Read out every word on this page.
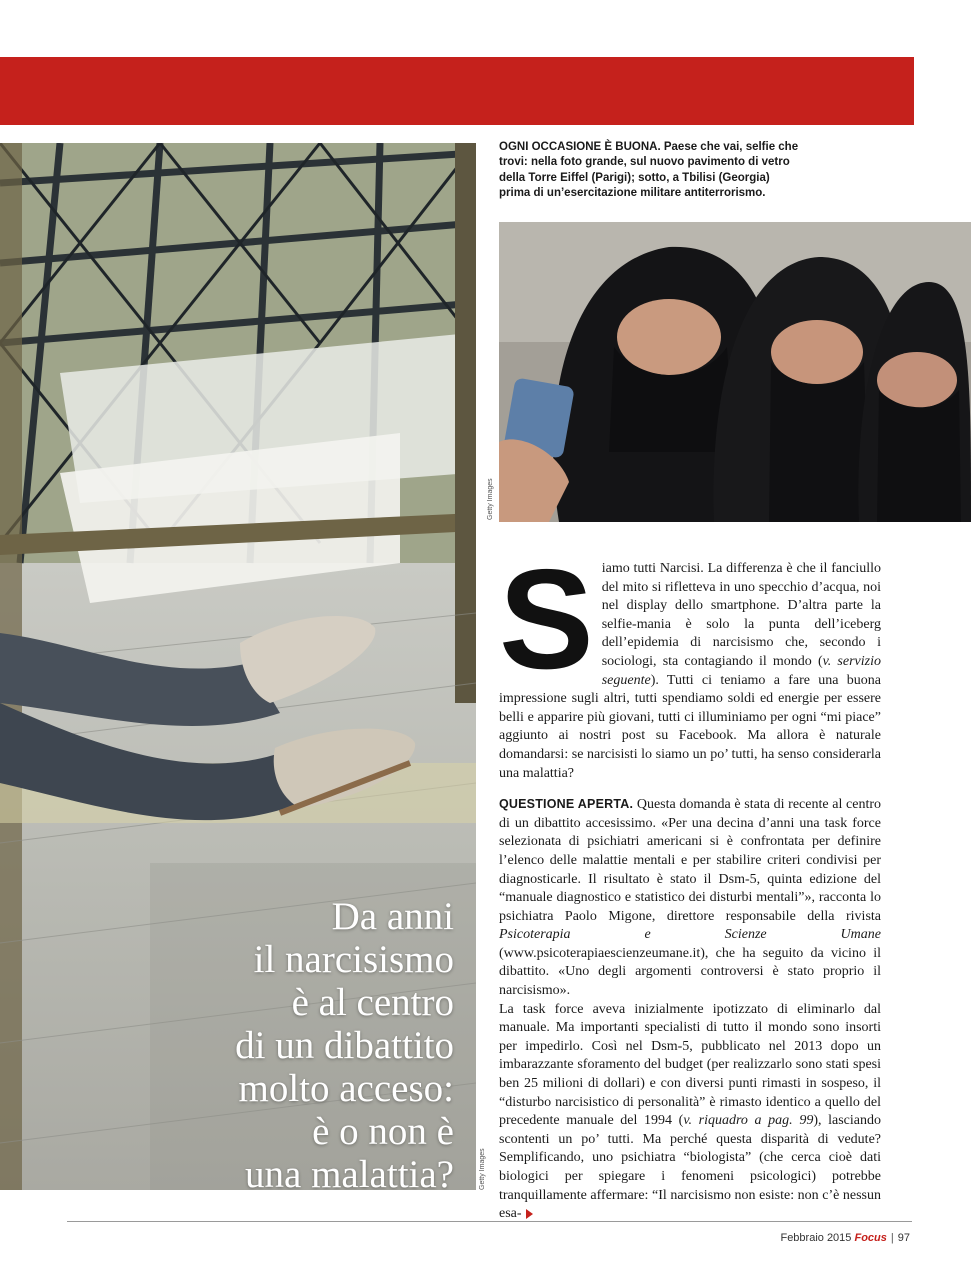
Da anni
il narcisismo
è al centro
di un dibattito
molto acceso:
è o non è
una malattia?	Getty Images
OGNI OCCASIONE È BUONA. Paese che vai, selfie che trovi: nella foto grande, sul nuovo pavimento di vetro della Torre Eiffel (Parigi); sotto, a Tbilisi (Georgia) prima di un’esercitazione militare antiterrorismo.
Getty Images

Siamo tutti Narcisi. La differenza è che il fanciullo del mito si rifletteva in uno specchio d’acqua, noi nel display dello smartphone. D’altra parte la selfie-mania è solo la punta dell’iceberg dell’epidemia di narcisismo che, secondo i sociologi, sta contagiando il mondo (v. servizio seguente). Tutti ci teniamo a fare una buona impressione sugli altri, tutti spendiamo soldi ed energie per essere belli e apparire più giovani, tutti ci illuminiamo per ogni “mi piace” aggiunto ai nostri post su Facebook. Ma allora è naturale domandarsi: se narcisisti lo siamo un po’ tutti, ha senso considerarla una malattia?

QUESTIONE APERTA. Questa domanda è stata di recente al centro di un dibattito accesissimo. «Per una decina d’anni una task force selezionata di psichiatri americani si è confrontata per definire l’elenco delle malattie mentali e per stabilire criteri condivisi per diagnosticarle. Il risultato è stato il Dsm-5, quinta edizione del “manuale diagnostico e statistico dei disturbi mentali”», racconta lo psichiatra Paolo Migone, direttore responsabile della rivista Psicoterapia e Scienze Umane (www.psicoterapiaescienzeumane.it), che ha seguito da vicino il dibattito. «Uno degli argomenti controversi è stato proprio il narcisismo».

La task force aveva inizialmente ipotizzato di eliminarlo dal manuale. Ma importanti specialisti di tutto il mondo sono insorti per impedirlo. Così nel Dsm-5, pubblicato nel 2013 dopo un imbarazzante sforamento del budget (per realizzarlo sono stati spesi ben 25 milioni di dollari) e con diversi punti rimasti in sospeso, il “disturbo narcisistico di personalità” è rimasto identico a quello del precedente manuale del 1994 (v. riquadro a pag. 99), lasciando scontenti un po’ tutti. Ma perché questa disparità di vedute? Semplificando, uno psichiatra “biologista” (che cerca cioè dati biologici per spiegare i fenomeni psicologici) potrebbe tranquillamente affermare: “Il narcisismo non esiste: non c’è nessun esa-

Febbraio 2015 Focus | 97
